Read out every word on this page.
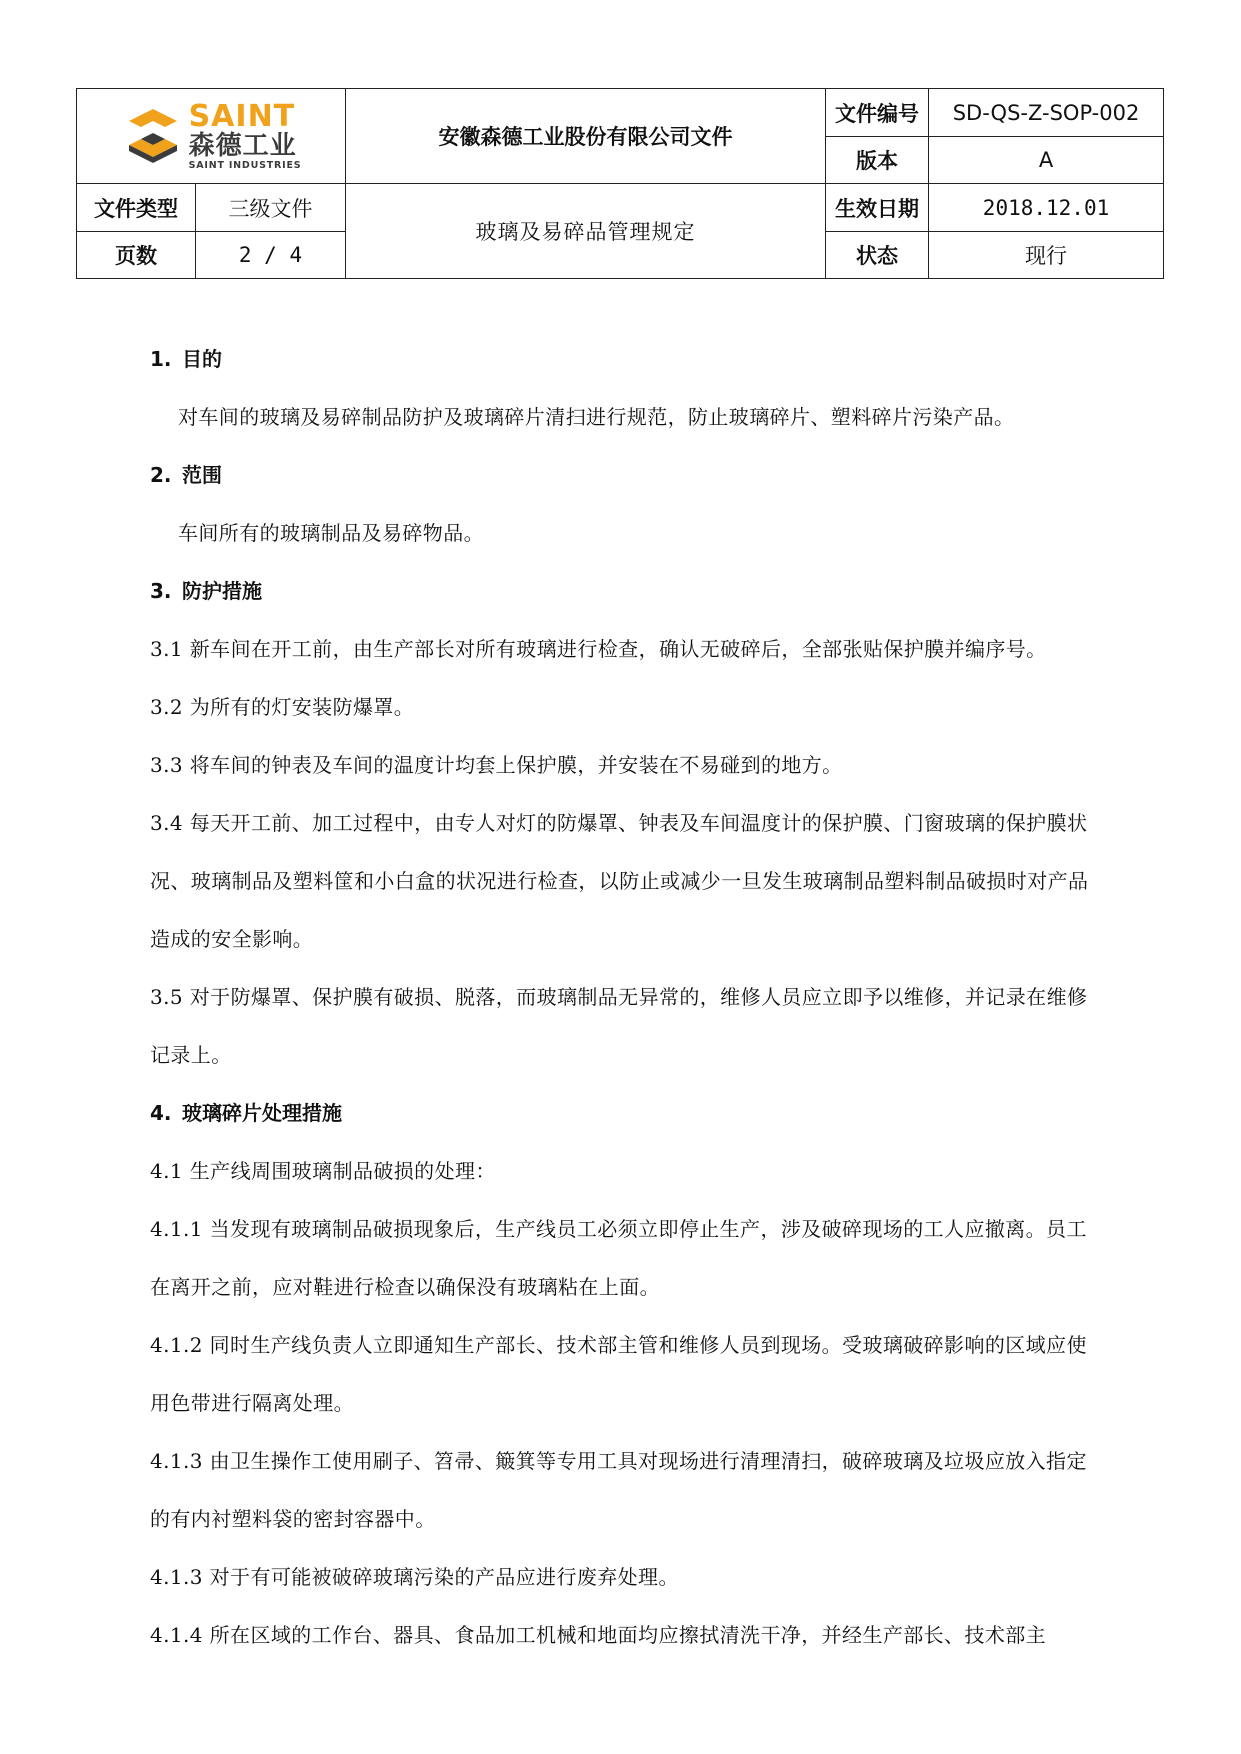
SAINT
森德工业
SAINT INDUSTRIES		安徽森德工业股份有限公司文件	文件编号	SD-QS-Z-SOP-002
			版本	A
文件类型	三级文件	玻璃及易碎品管理规定	生效日期	2018.12.01
页数	2 / 4		状态	现行
1. 目的

对车间的玻璃及易碎制品防护及玻璃碎片清扫进行规范，防止玻璃碎片、塑料碎片污染产品。

2. 范围

车间所有的玻璃制品及易碎物品。

3. 防护措施

3.1 新车间在开工前，由生产部长对所有玻璃进行检查，确认无破碎后，全部张贴保护膜并编序号。

3.2 为所有的灯安装防爆罩。

3.3 将车间的钟表及车间的温度计均套上保护膜，并安装在不易碰到的地方。

3.4 每天开工前、加工过程中，由专人对灯的防爆罩、钟表及车间温度计的保护膜、门窗玻璃的保护膜状况、玻璃制品及塑料筐和小白盒的状况进行检查，以防止或减少一旦发生玻璃制品塑料制品破损时对产品造成的安全影响。

3.5 对于防爆罩、保护膜有破损、脱落，而玻璃制品无异常的，维修人员应立即予以维修，并记录在维修记录上。

4. 玻璃碎片处理措施

4.1 生产线周围玻璃制品破损的处理：

4.1.1 当发现有玻璃制品破损现象后，生产线员工必须立即停止生产，涉及破碎现场的工人应撤离。员工在离开之前，应对鞋进行检查以确保没有玻璃粘在上面。

4.1.2 同时生产线负责人立即通知生产部长、技术部主管和维修人员到现场。受玻璃破碎影响的区域应使用色带进行隔离处理。

4.1.3 由卫生操作工使用刷子、笤帚、簸箕等专用工具对现场进行清理清扫，破碎玻璃及垃圾应放入指定的有内衬塑料袋的密封容器中。

4.1.3 对于有可能被破碎玻璃污染的产品应进行废弃处理。

4.1.4 所在区域的工作台、器具、食品加工机械和地面均应擦拭清洗干净，并经生产部长、技术部主
